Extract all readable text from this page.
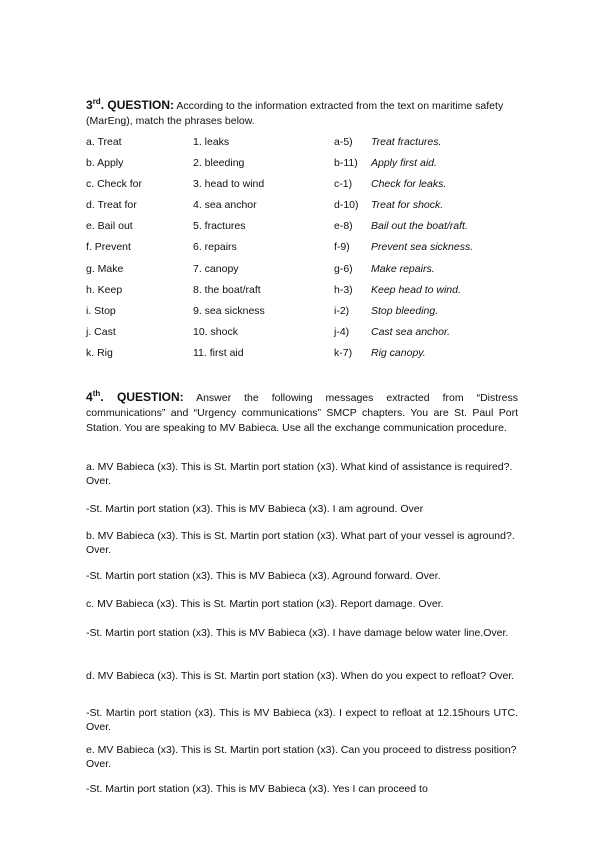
3rd. QUESTION: According to the information extracted from the text on maritime safety (MarEng), match the phrases below.
a. Treat	1. leaks	a-5) Treat fractures.
b. Apply	2. bleeding	b-11) Apply first aid.
c. Check for	3. head to wind	c-1) Check for leaks.
d. Treat for	4. sea anchor	d-10) Treat for shock.
e. Bail out	5. fractures	e-8) Bail out the boat/raft.
f. Prevent	6. repairs	f-9) Prevent sea sickness.
g. Make	7. canopy	g-6) Make repairs.
h. Keep	8. the boat/raft	h-3) Keep head to wind.
i. Stop	9. sea sickness	i-2) Stop bleeding.
j. Cast	10. shock	j-4) Cast sea anchor.
k. Rig	11. first aid	k-7) Rig canopy.
4th. QUESTION: Answer the following messages extracted from “Distress communications” and “Urgency communications” SMCP chapters. You are St. Paul Port Station. You are speaking to MV Babieca. Use all the exchange communication procedure.
a. MV Babieca (x3). This is St. Martin port station (x3). What kind of assistance is required?. Over.
-St. Martin port station (x3). This is MV Babieca (x3). I am aground. Over
b. MV Babieca (x3). This is St. Martin port station (x3). What part of your vessel is aground?. Over.
-St. Martin port station (x3). This is MV Babieca (x3). Aground forward. Over.
c. MV Babieca (x3). This is St. Martin port station (x3). Report damage. Over.
-St. Martin port station (x3). This is MV Babieca (x3). I have damage below water line.Over.
d. MV Babieca (x3). This is St. Martin port station (x3). When do you expect to refloat? Over.
-St. Martin port station (x3). This is MV Babieca (x3). I expect to refloat at 12.15hours UTC. Over.
e. MV Babieca (x3). This is St. Martin port station (x3). Can you proceed to distress position? Over.
-St. Martin port station (x3). This is MV Babieca (x3). Yes I can proceed to
